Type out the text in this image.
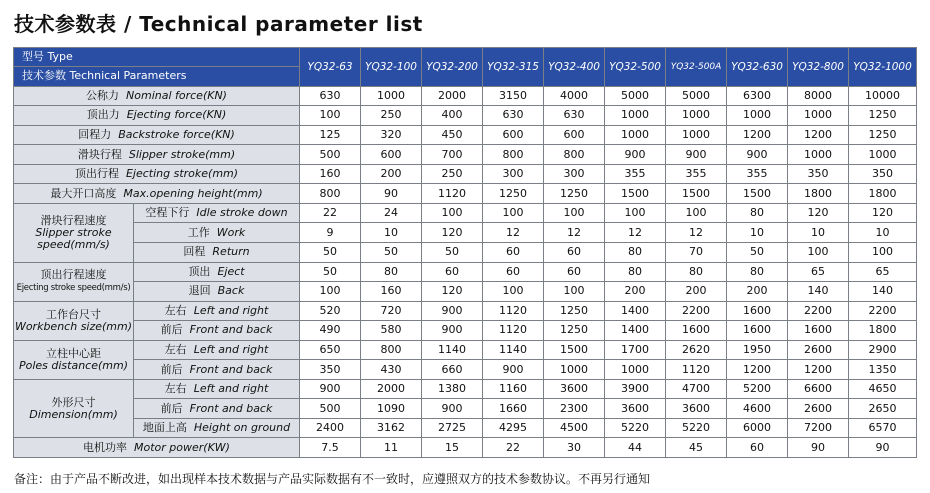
技术参数表 / Technical parameter list
型号 Type		YQ32-63	YQ32-100	YQ32-200	YQ32-315	YQ32-400	YQ32-500	YQ32-500A	YQ32-630	YQ32-800	YQ32-1000
技术参数 Technical Parameters											
公称力 Nominal force(KN)		630	1000	2000	3150	4000	5000	5000	6300	8000	10000
顶出力 Ejecting force(KN)		100	250	400	630	630	1000	1000	1000	1000	1250
回程力 Backstroke force(KN)		125	320	450	600	600	1000	1000	1200	1200	1250
滑块行程 Slipper stroke(mm)		500	600	700	800	800	900	900	900	1000	1000
顶出行程 Ejecting stroke(mm)		160	200	250	300	300	355	355	355	350	350
最大开口高度 Max.opening height(mm)		800	90	1120	1250	1250	1500	1500	1500	1800	1800
滑块行程速度
Slipper stroke
speed(mm/s)	空程下行 Idle stroke down	22	24	100	100	100	100	100	80	120	120
	工作 Work	9	10	120	12	12	12	12	10	10	10
	回程 Return	50	50	50	60	60	80	70	50	100	100
顶出行程速度
Ejecting stroke speed(mm/s)	顶出 Eject	50	80	60	60	60	80	80	80	65	65
	退回 Back	100	160	120	100	100	200	200	200	140	140
工作台尺寸
Workbench size(mm)	左右 Left and right	520	720	900	1120	1250	1400	2200	1600	2200	2200
	前后 Front and back	490	580	900	1120	1250	1400	1600	1600	1600	1800
立柱中心距
Poles distance(mm)	左右 Left and right	650	800	1140	1140	1500	1700	2620	1950	2600	2900
	前后 Front and back	350	430	660	900	1000	1000	1120	1200	1200	1350
外形尺寸
Dimension(mm)	左右 Left and right	900	2000	1380	1160	3600	3900	4700	5200	6600	4650
	前后 Front and back	500	1090	900	1660	2300	3600	3600	4600	2600	2650
	地面上高 Height on ground	2400	3162	2725	4295	4500	5220	5220	6000	7200	6570
电机功率 Motor power(KW)		7.5	11	15	22	30	44	45	60	90	90
备注：由于产品不断改进，如出现样本技术数据与产品实际数据有不一致时，应遵照双方的技术参数协议。不再另行通知
